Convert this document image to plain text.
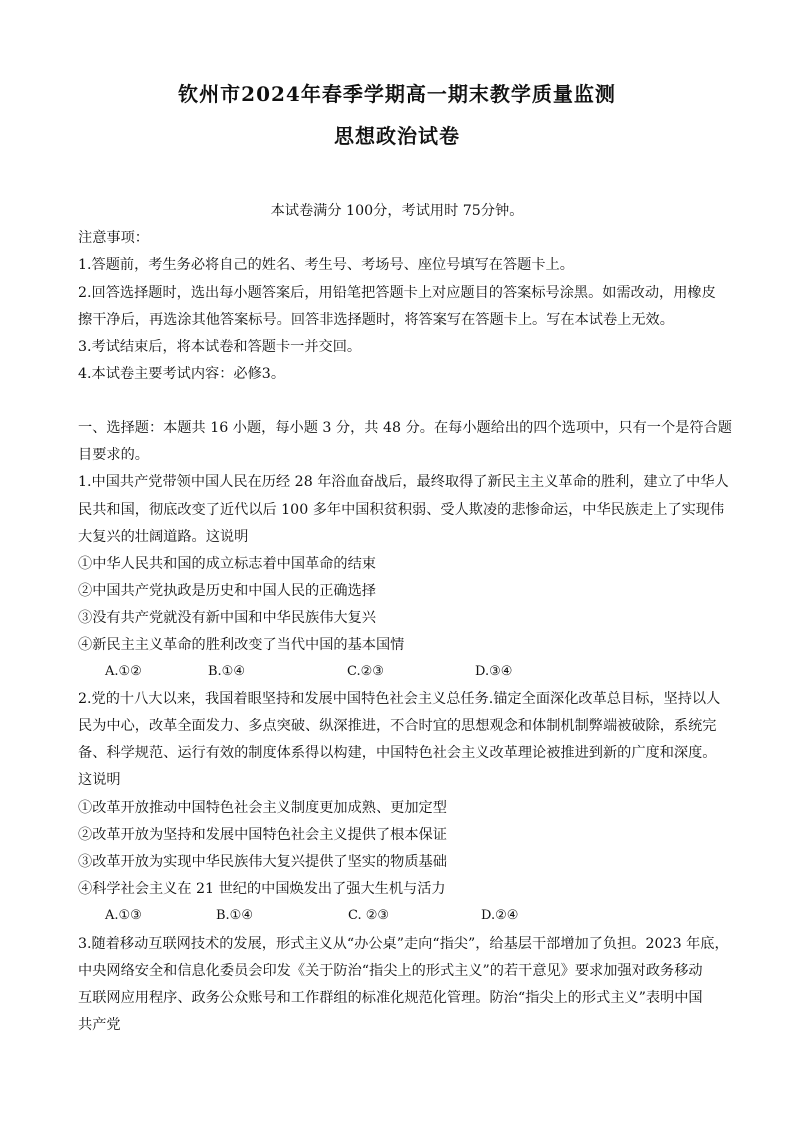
钦州市2024年春季学期高一期末教学质量监测
思想政治试卷
本试卷满分 100分，考试用时 75分钟。
注意事项：
1.答题前，考生务必将自己的姓名、考生号、考场号、座位号填写在答题卡上。
2.回答选择题时，选出每小题答案后，用铅笔把答题卡上对应题目的答案标号涂黑。如需改动，用橡皮
擦干净后，再选涂其他答案标号。回答非选择题时，将答案写在答题卡上。写在本试卷上无效。
3.考试结束后，将本试卷和答题卡一并交回。
4.本试卷主要考试内容：必修3。
一、选择题：本题共 16 小题，每小题 3 分，共 48 分。在每小题给出的四个选项中，只有一个是符合题
目要求的。
1.中国共产党带领中国人民在历经 28 年浴血奋战后，最终取得了新民主主义革命的胜利，建立了中华人
民共和国，彻底改变了近代以后 100 多年中国积贫积弱、受人欺凌的悲惨命运，中华民族走上了实现伟
大复兴的壮阔道路。这说明
①中华人民共和国的成立标志着中国革命的结束
②中国共产党执政是历史和中国人民的正确选择
③没有共产党就没有新中国和中华民族伟大复兴
④新民主主义革命的胜利改变了当代中国的基本国情
A.①②	B.①④	C.②③	D.③④
2.党的十八大以来，我国着眼坚持和发展中国特色社会主义总任务.锚定全面深化改革总目标，坚持以人
民为中心，改革全面发力、多点突破、纵深推进，不合时宜的思想观念和体制机制弊端被破除，系统完
备、科学规范、运行有效的制度体系得以构建，中国特色社会主义改革理论被推进到新的广度和深度。
这说明
①改革开放推动中国特色社会主义制度更加成熟、更加定型
②改革开放为坚持和发展中国特色社会主义提供了根本保证
③改革开放为实现中华民族伟大复兴提供了坚实的物质基础
④科学社会主义在 21 世纪的中国焕发出了强大生机与活力
A.①③	B.①④	C. ②③	D.②④
3.随着移动互联网技术的发展，形式主义从“办公桌”走向“指尖”，给基层干部增加了负担。2023 年底，
中央网络安全和信息化委员会印发《关于防治“指尖上的形式主义”的若干意见》要求加强对政务移动
互联网应用程序、政务公众账号和工作群组的标准化规范化管理。防治“指尖上的形式主义”表明中国
共产党
